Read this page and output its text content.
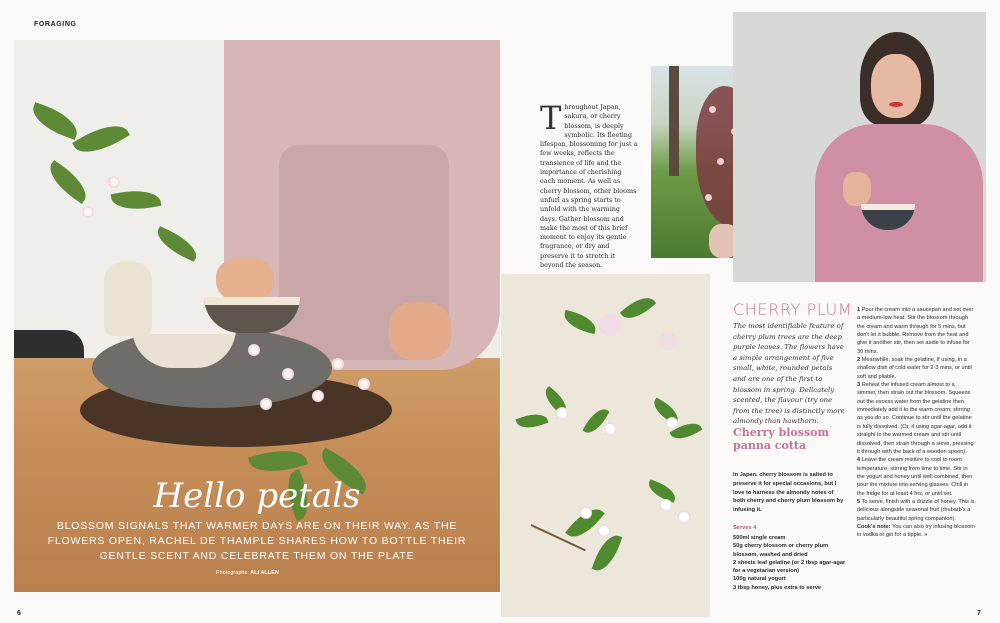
FORAGING
Hello petals
BLOSSOM SIGNALS THAT WARMER DAYS ARE ON THEIR WAY. AS THE FLOWERS OPEN, RACHEL DE THAMPLE SHARES HOW TO BOTTLE THEIR GENTLE SCENT AND CELEBRATE THEM ON THE PLATE
Photographs: ALI ALLEN
T hroughout Japan, sakura, or cherry blossom, is deeply symbolic. Its fleeting lifespan, blossoming for just a few weeks, reflects the transience of life and the importance of cherishing each moment. As well as cherry blossom, other blooms unfurl as spring starts to unfold with the warming days. Gather blossom and make the most of this brief moment to enjoy its gentle fragrance, or dry and preserve it to stretch it beyond the season.
CHERRY PLUM
The most identifiable feature of cherry plum trees are the deep purple leaves. The flowers have a simple arrangement of five small, white, rounded petals and are one of the first to blossom in spring. Delicately scented, the flavour (try one from the tree) is distinctly more almondy than hawthorn.
Cherry blossom panna cotta
In Japan, cherry blossom is salted to preserve it for special occasions, but I love to harness the almondy notes of both cherry and cherry plum blossom by infusing it.
Serves 4
500ml single cream
50g cherry blossom or cherry plum blossom, washed and dried
2 sheets leaf gelatine (or 2 tbsp agar-agar for a vegetarian version)
100g natural yogurt
3 tbsp honey, plus extra to serve
1 Pour the cream into a saucepan and set over a medium-low heat. Stir the blossom through the cream and warm through for 5 mins, but don't let it bubble. Remove from the heat and give it another stir, then set aside to infuse for 30 mins.
2 Meanwhile, soak the gelatine, if using, in a shallow dish of cold water for 2-3 mins, or until soft and pliable.
3 Reheat the infused cream almost to a simmer, then strain out the blossom. Squeeze out the excess water from the gelatine then immediately add it to the warm cream, stirring as you do so. Continue to stir until the gelatine is fully dissolved. (Or, if using agar-agar, add it straight to the warmed cream and stir until dissolved, then strain through a sieve, pressing it through with the back of a wooden spoon).
4 Leave the cream mixture to cool to room temperature, stirring from time to time. Stir in the yogurt and honey until well combined, then pour the mixture into serving glasses. Chill in the fridge for at least 4 hrs, or until set.
5 To serve, finish with a drizzle of honey. This is delicious alongside seasonal fruit (rhubarb's a particularly beautiful spring companion).
Cook's note: You can also try infusing blossom in vodka or gin for a tipple. »
6	7
